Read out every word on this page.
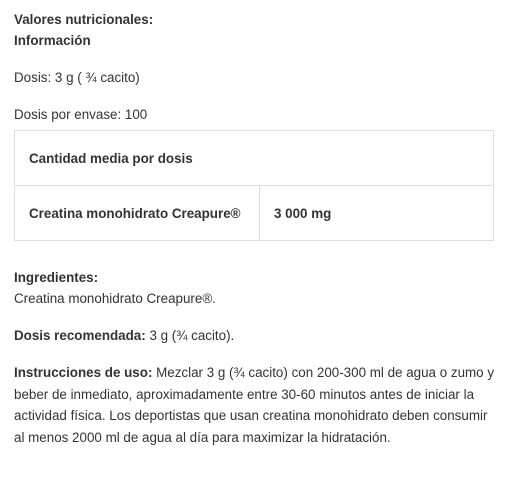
Valores nutricionales:
Información
Dosis: 3 g ( ¾ cacito)
Dosis por envase: 100
Cantidad media por dosis
Creatina monohidrato Creapure®	3 000 mg
Ingredientes:
Creatina monohidrato Creapure®.
Dosis recomendada: 3 g (¾ cacito).
Instrucciones de uso: Mezclar 3 g (¾ cacito) con 200-300 ml de agua o zumo y beber de inmediato, aproximadamente entre 30-60 minutos antes de iniciar la actividad física. Los deportistas que usan creatina monohidrato deben consumir al menos 2000 ml de agua al día para maximizar la hidratación.
